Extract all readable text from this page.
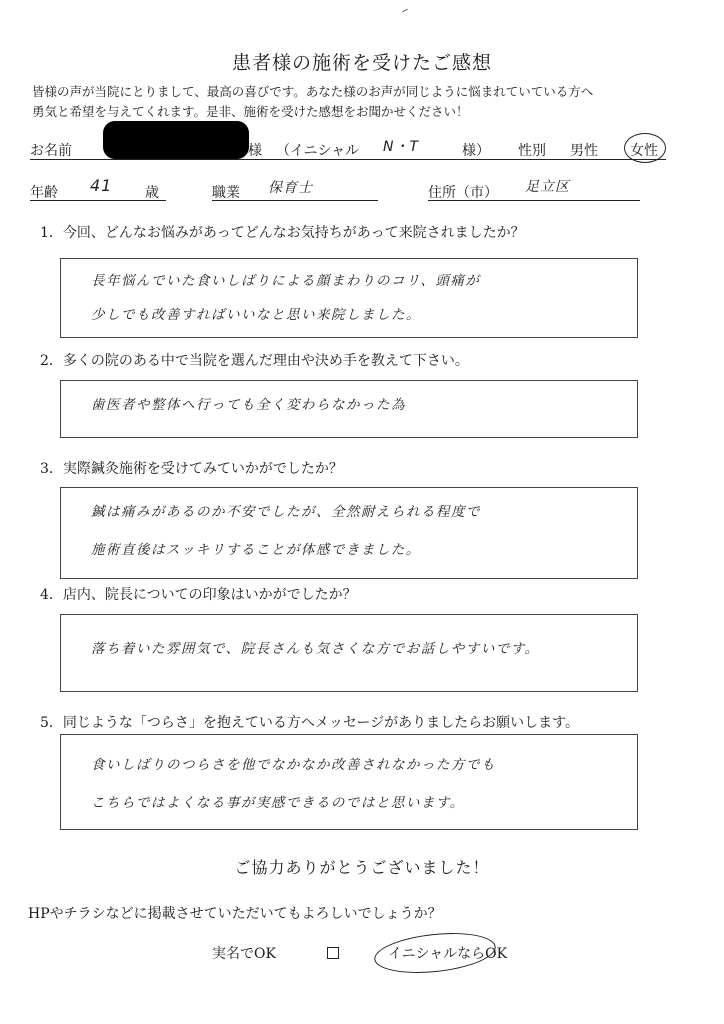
患者様の施術を受けたご感想
皆様の声が当院にとりまして、最高の喜びです。あなた様のお声が同じように悩まれていている方へ
勇気と希望を与えてくれます。是非、施術を受けた感想をお聞かせください！
お名前	様 （イニシャル N・T	様） 性別 男性 女性
年齢 41 歳	職業 保育士	住所（市） 足立区
1．今回、どんなお悩みがあってどんなお気持ちがあって来院されましたか？
長年悩んでいた食いしばりによる顔まわりのコリ、頭痛が
少しでも改善すればいいなと思い来院しました。
2．多くの院のある中で当院を選んだ理由や決め手を教えて下さい。
歯医者や整体へ行っても全く変わらなかった為
3．実際鍼灸施術を受けてみていかがでしたか？
鍼は痛みがあるのか不安でしたが、全然耐えられる程度で
施術直後はスッキリすることが体感できました。
4．店内、院長についての印象はいかがでしたか？
落ち着いた雰囲気で、院長さんも気さくな方でお話しやすいです。
5．同じような「つらさ」を抱えている方へメッセージがありましたらお願いします。
食いしばりのつらさを他でなかなか改善されなかった方でも
こちらではよくなる事が実感できるのではと思います。
ご協力ありがとうございました！
HPやチラシなどに掲載させていただいてもよろしいでしょうか？
実名でOK	イニシャルならOK
